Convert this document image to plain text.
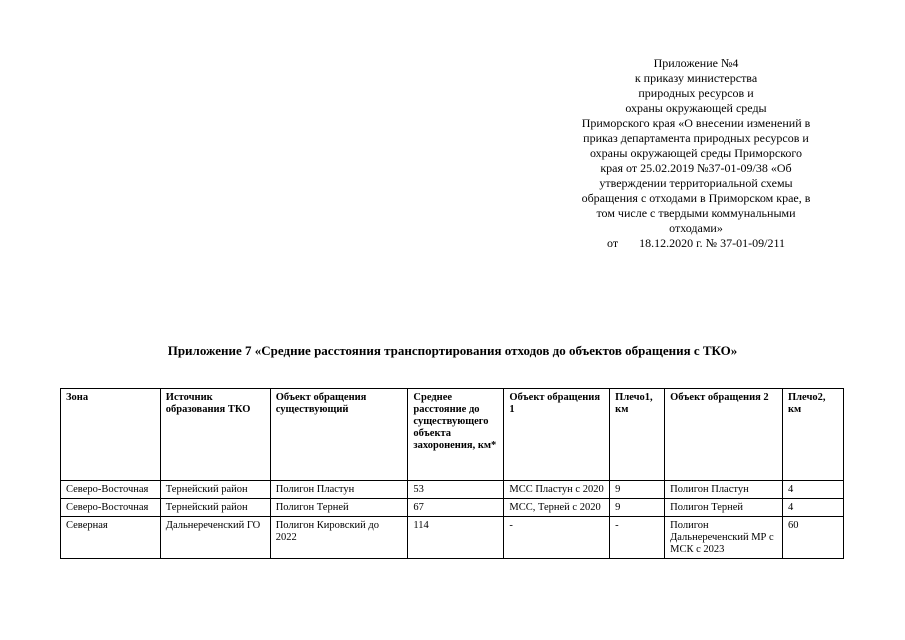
Приложение №4
к приказу министерства
природных ресурсов и
охраны окружающей среды
Приморского края «О внесении изменений в
приказ департамента природных ресурсов и
охраны окружающей среды Приморского
края от 25.02.2019 №37-01-09/38 «Об
утверждении территориальной схемы
обращения с отходами в Приморском крае, в
том числе с твердыми коммунальными
отходами»
от 18.12.2020 г. № 37-01-09/211
Приложение 7 «Средние расстояния транспортирования отходов до объектов обращения с ТКО»
Зона	Источник образования ТКО	Объект обращения существующий	Среднее расстояние до существующего объекта захоронения, км*	Объект обращения 1	Плечо1, км	Объект обращения 2	Плечо2, км
Северо-Восточная	Тернейский район	Полигон Пластун	53	МСС Пластун с 2020	9	Полигон Пластун	4
Северо-Восточная	Тернейский район	Полигон Терней	67	МСС, Терней с 2020	9	Полигон Терней	4
Северная	Дальнереченский ГО	Полигон Кировский до 2022	114	-	-	Полигон Дальнереченский МР с МСК с 2023	60
